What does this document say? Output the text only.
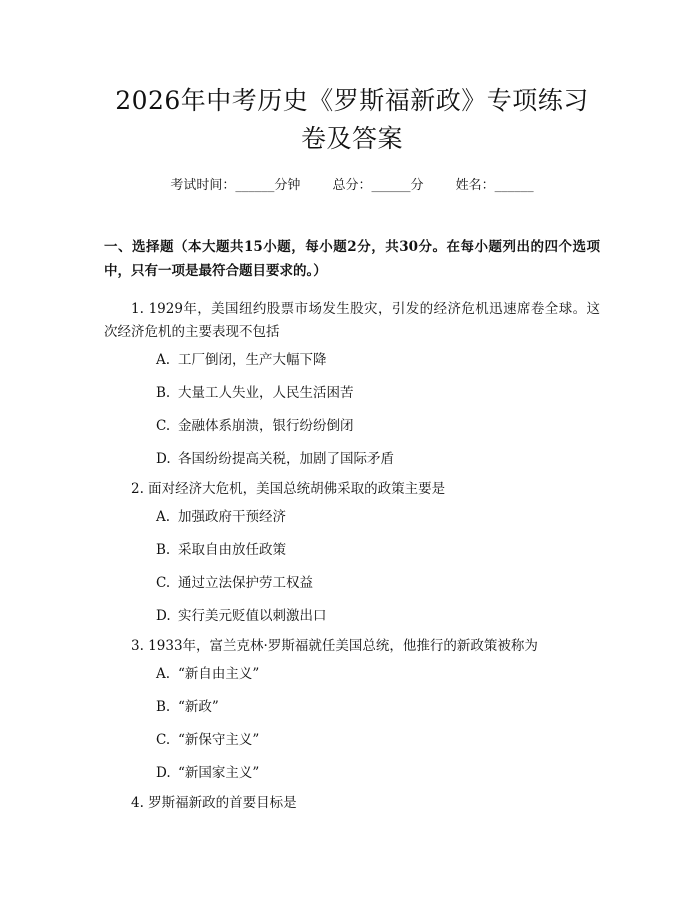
2026年中考历史《罗斯福新政》专项练习卷及答案
考试时间：______分钟 总分：______分 姓名：______
一、选择题（本大题共15小题，每小题2分，共30分。在每小题列出的四个选项中，只有一项是最符合题目要求的。）
1. 1929年，美国纽约股票市场发生股灾，引发的经济危机迅速席卷全球。这次经济危机的主要表现不包括
A. 工厂倒闭，生产大幅下降
B. 大量工人失业，人民生活困苦
C. 金融体系崩溃，银行纷纷倒闭
D. 各国纷纷提高关税，加剧了国际矛盾
2. 面对经济大危机，美国总统胡佛采取的政策主要是
A. 加强政府干预经济
B. 采取自由放任政策
C. 通过立法保护劳工权益
D. 实行美元贬值以刺激出口
3. 1933年，富兰克林·罗斯福就任美国总统，他推行的新政策被称为
A. “新自由主义”
B. “新政”
C. “新保守主义”
D. “新国家主义”
4. 罗斯福新政的首要目标是
